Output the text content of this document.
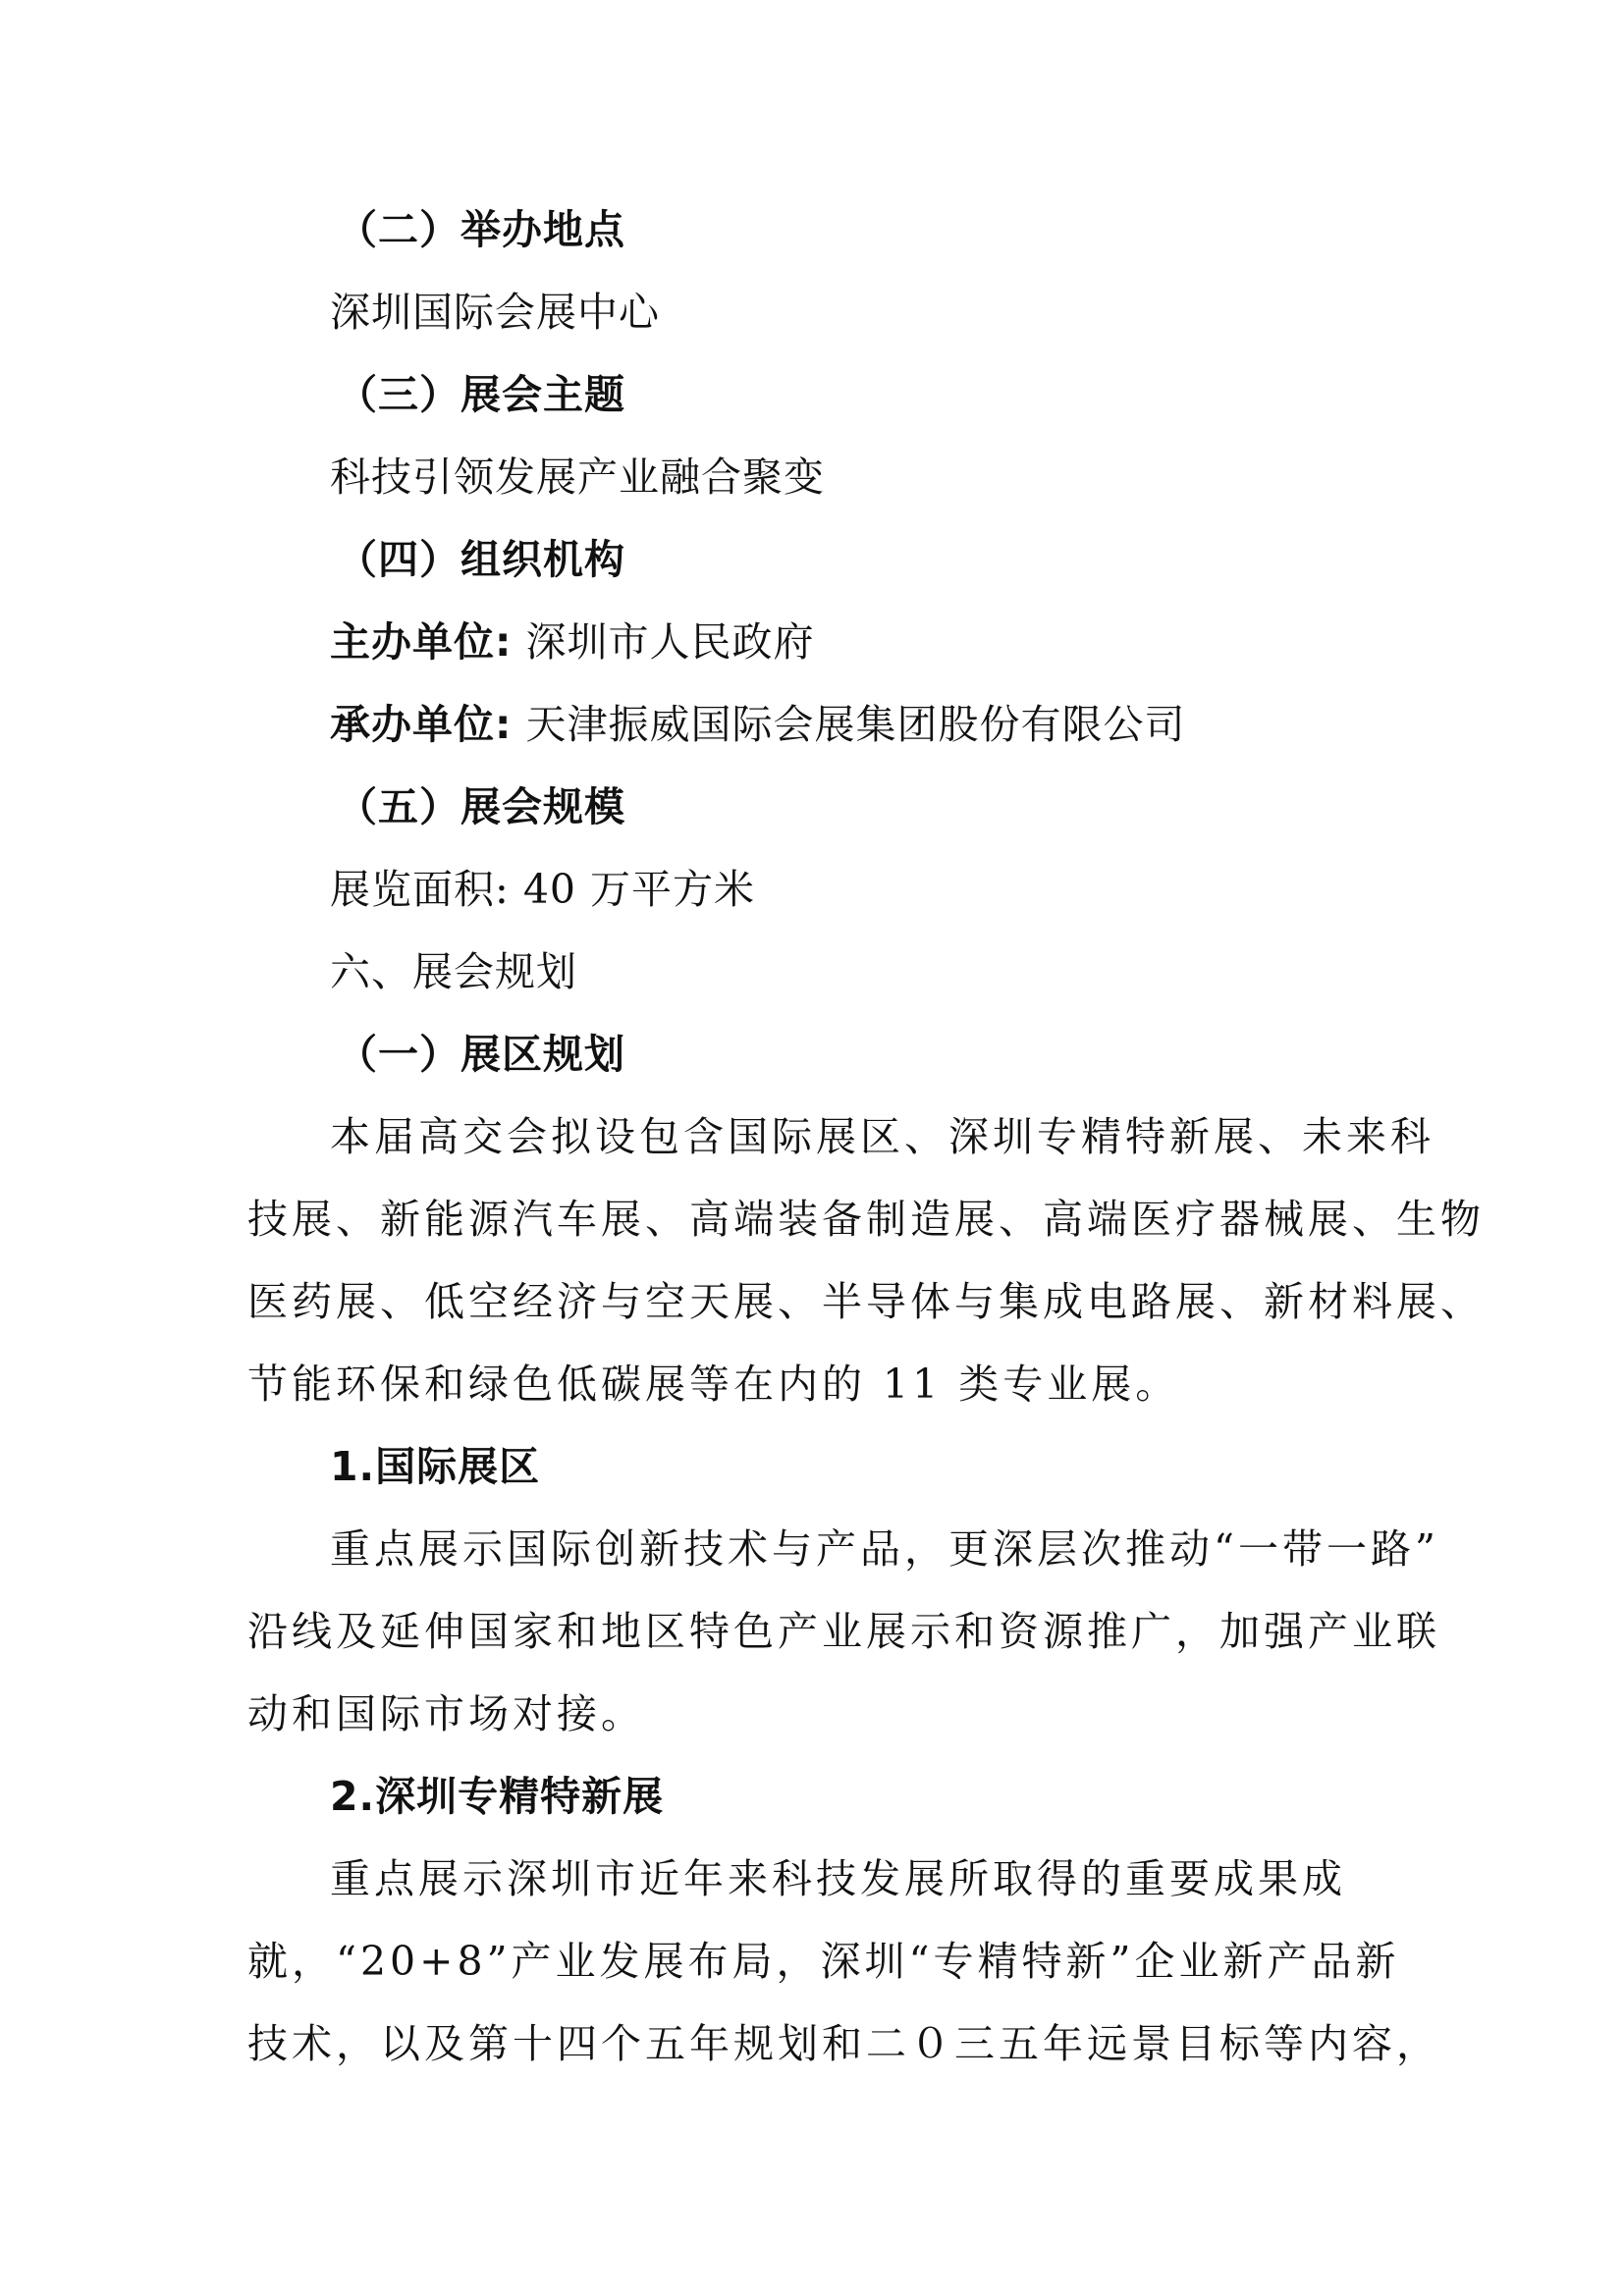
（二）举办地点
深圳国际会展中心
（三）展会主题
科技引领发展产业融合聚变
（四）组织机构
主办单位: 深圳市人民政府
承办单位: 天津振威国际会展集团股份有限公司
（五）展会规模
展览面积: 40 万平方米
六、展会规划
（一）展区规划
本届高交会拟设包含国际展区、深圳专精特新展、未来科
技展、新能源汽车展、高端装备制造展、高端医疗器械展、生物
医药展、低空经济与空天展、半导体与集成电路展、新材料展、
节能环保和绿色低碳展等在内的 11 类专业展。
1.国际展区
重点展示国际创新技术与产品，更深层次推动“一带一路”
沿线及延伸国家和地区特色产业展示和资源推广，加强产业联
动和国际市场对接。
2.深圳专精特新展
重点展示深圳市近年来科技发展所取得的重要成果成
就，“20+8”产业发展布局，深圳“专精特新”企业新产品新
技术，以及第十四个五年规划和二０三五年远景目标等内容，
